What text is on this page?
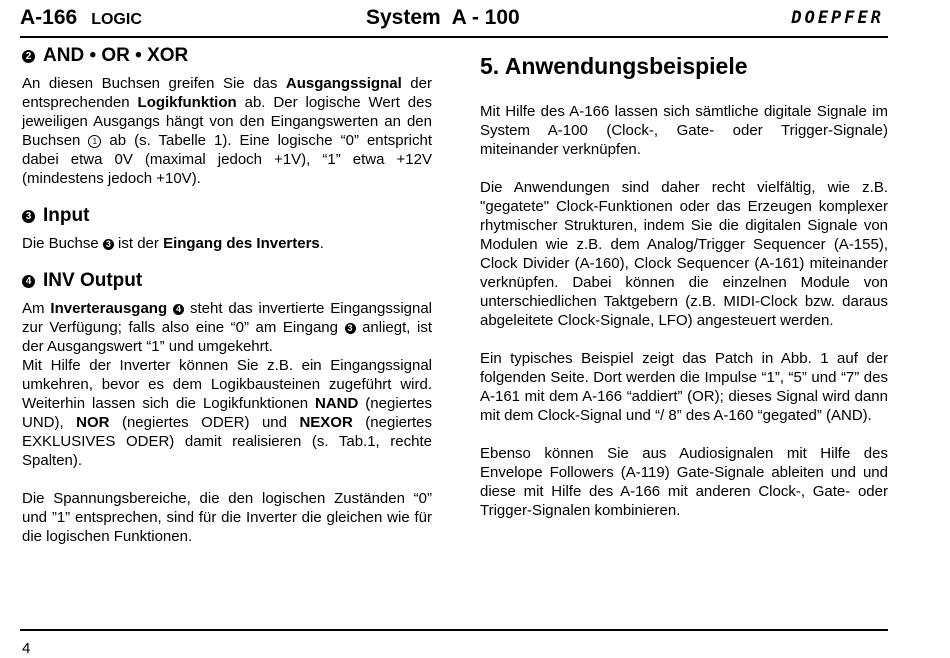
A-166 LOGIC	System  A - 100	DOEPFER
2 AND • OR • XOR

An diesen Buchsen greifen Sie das Ausgangssignal der entsprechenden Logikfunktion ab. Der logische Wert des jeweiligen Ausgangs hängt von den Eingangswerten an den Buchsen 1 ab (s. Tabelle 1). Eine logische “0” entspricht dabei etwa 0V (maximal jedoch +1V), “1” etwa +12V (mindestens jedoch +10V).

3 Input

Die Buchse 3 ist der Eingang des Inverters.

4 INV Output

Am Inverterausgang 4 steht das invertierte Eingangssignal zur Verfügung; falls also eine “0” am Eingang 3 anliegt, ist der Ausgangswert “1” und umgekehrt.

Mit Hilfe der Inverter können Sie z.B. ein Eingangssignal umkehren, bevor es dem Logikbausteinen zugeführt wird. Weiterhin lassen sich die Logikfunktionen NAND (negiertes UND), NOR (negiertes ODER) und NEXOR (negiertes EXKLUSIVES ODER) damit realisieren (s. Tab.1, rechte Spalten).

Die Spannungsbereiche, die den logischen Zuständen “0” und ”1” entsprechen, sind für die Inverter die gleichen wie für die logischen Funktionen.

5. Anwendungsbeispiele

Mit Hilfe des A-166 lassen sich sämtliche digitale Signale im System A-100 (Clock-, Gate- oder Trigger-Signale) miteinander verknüpfen.

Die Anwendungen sind daher recht vielfältig, wie z.B. "gegatete" Clock-Funktionen oder das Erzeugen komplexer rhytmischer Strukturen, indem Sie die digitalen Signale von Modulen wie z.B. dem Analog/Trigger Sequencer (A-155), Clock Divider (A-160), Clock Sequencer (A-161) miteinander verknüpfen. Dabei können die einzelnen Module von unterschiedlichen Taktgebern (z.B. MIDI-Clock bzw. daraus abgeleitete Clock-Signale, LFO) angesteuert werden.

Ein typisches Beispiel zeigt das Patch in Abb. 1 auf der folgenden Seite. Dort werden die Impulse “1”, “5” und “7” des A-161 mit dem A-166 “addiert” (OR); dieses Signal wird dann mit dem Clock-Signal und “/ 8” des A-160 “gegated” (AND).

Ebenso können Sie aus Audiosignalen mit Hilfe des Envelope Followers (A-119) Gate-Signale ableiten und und diese mit Hilfe des A-166 mit anderen Clock-, Gate- oder Trigger-Signalen kombinieren.

4
